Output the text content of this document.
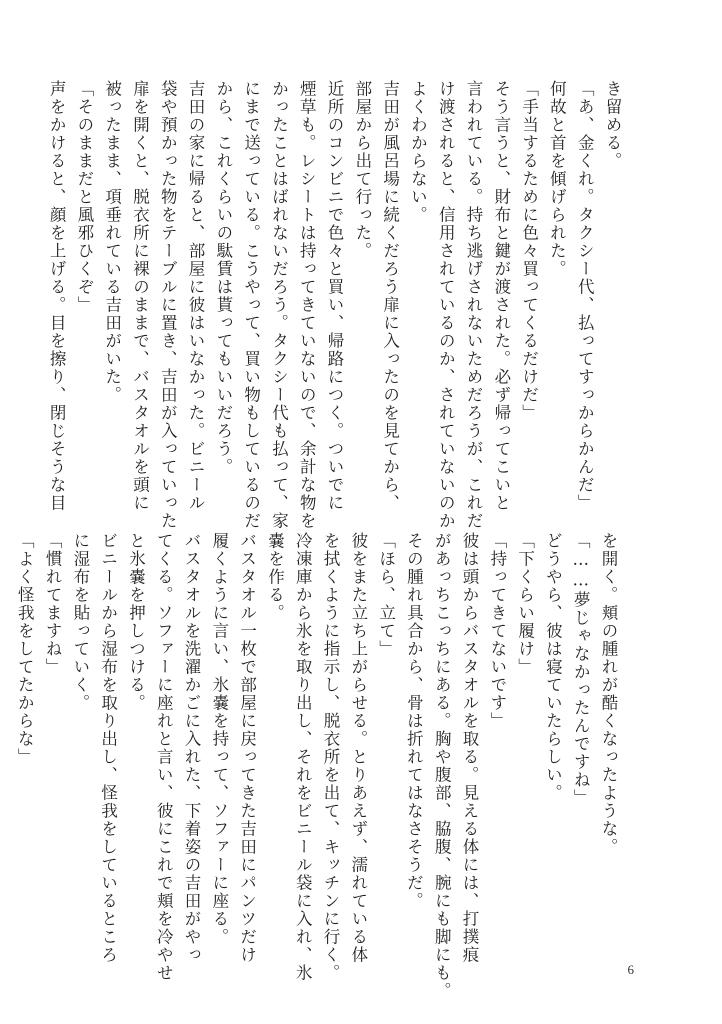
き留める。
「あ、金くれ。タクシー代、払ってすっからかんだ」
何故と首を傾げられた。
「手当するために色々買ってくるだけだ」
そう言うと、財布と鍵が渡された。必ず帰ってこいと
言われている。持ち逃げされないためだろうが、これだ
け渡されると、信用されているのか、されていないのか
よくわからない。
吉田が風呂場に続くだろう扉に入ったのを見てから、
部屋から出て行った。
近所のコンビニで色々と買い、帰路につく。ついでに
煙草も。レシートは持ってきていないので、余計な物を
かったことはばれないだろう。タクシー代も払って、家
にまで送っている。こうやって、買い物もしているのだ
から、これくらいの駄賃は貰ってもいいだろう。
吉田の家に帰ると、部屋に彼はいなかった。ビニール
袋や預かった物をテーブルに置き、吉田が入っていった
扉を開くと、脱衣所に裸のままで、バスタオルを頭に
被ったまま、項垂れている吉田がいた。
「そのままだと風邪ひくぞ」
声をかけると、顔を上げる。目を擦り、閉じそうな目
を開く。頬の腫れが酷くなったような。
「……夢じゃなかったんですね」
どうやら、彼は寝ていたらしい。
「下くらい履け」
「持ってきてないです」
彼は頭からバスタオルを取る。見える体には、打撲痕
があっちこっちにある。胸や腹部、脇腹、腕にも脚にも。
その腫れ具合から、骨は折れてはなさそうだ。
「ほら、立て」
彼をまた立ち上がらせる。とりあえず、濡れている体
を拭くように指示し、脱衣所を出て、キッチンに行く。
冷凍庫から氷を取り出し、それをビニール袋に入れ、氷
嚢を作る。
バスタオル一枚で部屋に戻ってきた吉田にパンツだけ
履くように言い、氷嚢を持って、ソファーに座る。
バスタオルを洗濯かごに入れた、下着姿の吉田がやっ
てくる。ソファーに座れと言い、彼にこれで頬を冷やせ
と氷嚢を押しつける。
ビニールから湿布を取り出し、怪我をしているところ
に湿布を貼っていく。
「慣れてますね」
「よく怪我をしてたからな」
6
